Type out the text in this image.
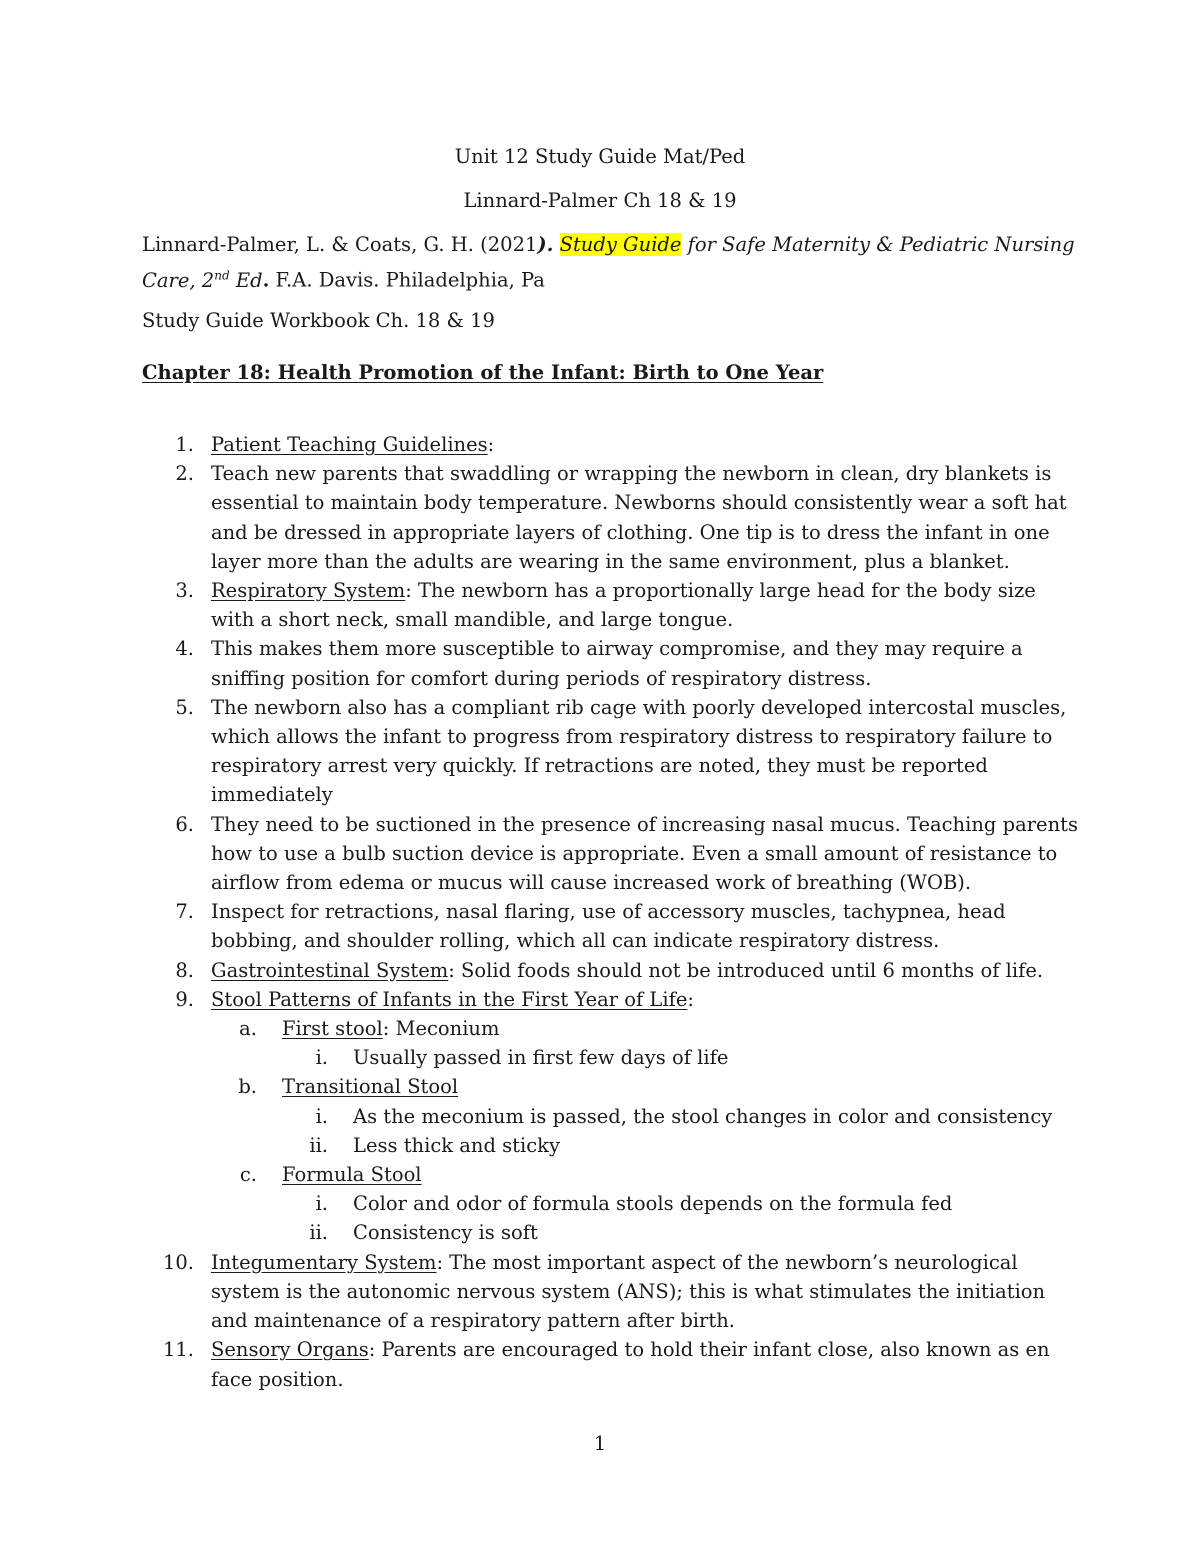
Unit 12 Study Guide Mat/Ped
Linnard-Palmer Ch 18 & 19
Linnard-Palmer, L. & Coats, G. H. (2021). Study Guide for Safe Maternity & Pediatric Nursing Care, 2nd Ed. F.A. Davis. Philadelphia, Pa
Study Guide Workbook Ch. 18 & 19
Chapter 18: Health Promotion of the Infant: Birth to One Year
1. Patient Teaching Guidelines:
2. Teach new parents that swaddling or wrapping the newborn in clean, dry blankets is essential to maintain body temperature. Newborns should consistently wear a soft hat and be dressed in appropriate layers of clothing. One tip is to dress the infant in one layer more than the adults are wearing in the same environment, plus a blanket.
3. Respiratory System: The newborn has a proportionally large head for the body size with a short neck, small mandible, and large tongue.
4. This makes them more susceptible to airway compromise, and they may require a sniffing position for comfort during periods of respiratory distress.
5. The newborn also has a compliant rib cage with poorly developed intercostal muscles, which allows the infant to progress from respiratory distress to respiratory failure to respiratory arrest very quickly. If retractions are noted, they must be reported immediately
6. They need to be suctioned in the presence of increasing nasal mucus. Teaching parents how to use a bulb suction device is appropriate. Even a small amount of resistance to airflow from edema or mucus will cause increased work of breathing (WOB).
7. Inspect for retractions, nasal flaring, use of accessory muscles, tachypnea, head bobbing, and shoulder rolling, which all can indicate respiratory distress.
8. Gastrointestinal System: Solid foods should not be introduced until 6 months of life.
9. Stool Patterns of Infants in the First Year of Life:
a. First stool: Meconium
i. Usually passed in first few days of life
b. Transitional Stool
i. As the meconium is passed, the stool changes in color and consistency
ii. Less thick and sticky
c. Formula Stool
i. Color and odor of formula stools depends on the formula fed
ii. Consistency is soft
10. Integumentary System: The most important aspect of the newborn’s neurological system is the autonomic nervous system (ANS); this is what stimulates the initiation and maintenance of a respiratory pattern after birth.
11. Sensory Organs: Parents are encouraged to hold their infant close, also known as en face position.
1
